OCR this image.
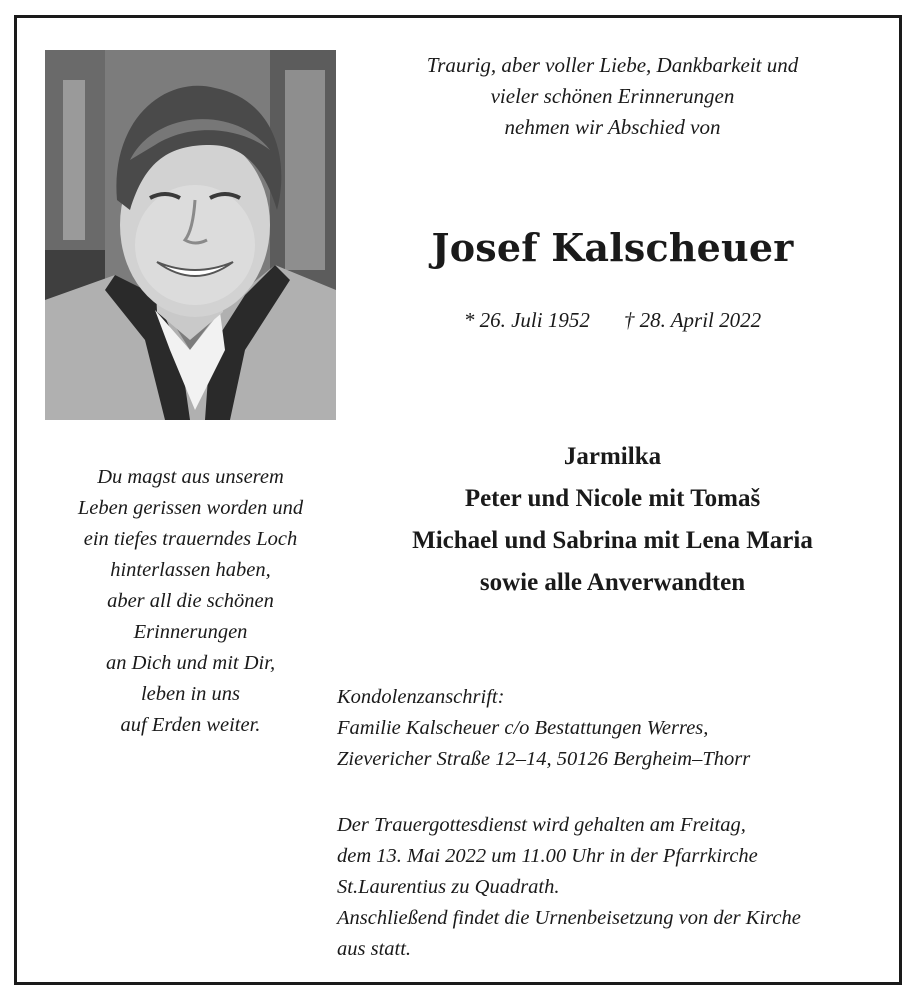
Traurig, aber voller Liebe, Dankbarkeit und
vieler schönen Erinnerungen
nehmen wir Abschied von
Josef Kalscheuer
* 26. Juli 1952 † 28. April 2022
Jarmilka
Peter und Nicole mit Tomaš
Michael und Sabrina mit Lena Maria
sowie alle Anverwandten
Du magst aus unserem
Leben gerissen worden und
ein tiefes trauerndes Loch
hinterlassen haben,
aber all die schönen
Erinnerungen
an Dich und mit Dir,
leben in uns
auf Erden weiter.
Kondolenzanschrift:
Familie Kalscheuer c/o Bestattungen Werres,
Zievericher Straße 12–14, 50126 Bergheim–Thorr
Der Trauergottesdienst wird gehalten am Freitag,
dem 13. Mai 2022 um 11.00 Uhr in der Pfarrkirche
St.Laurentius zu Quadrath.
Anschließend findet die Urnenbeisetzung von der Kirche
aus statt.
